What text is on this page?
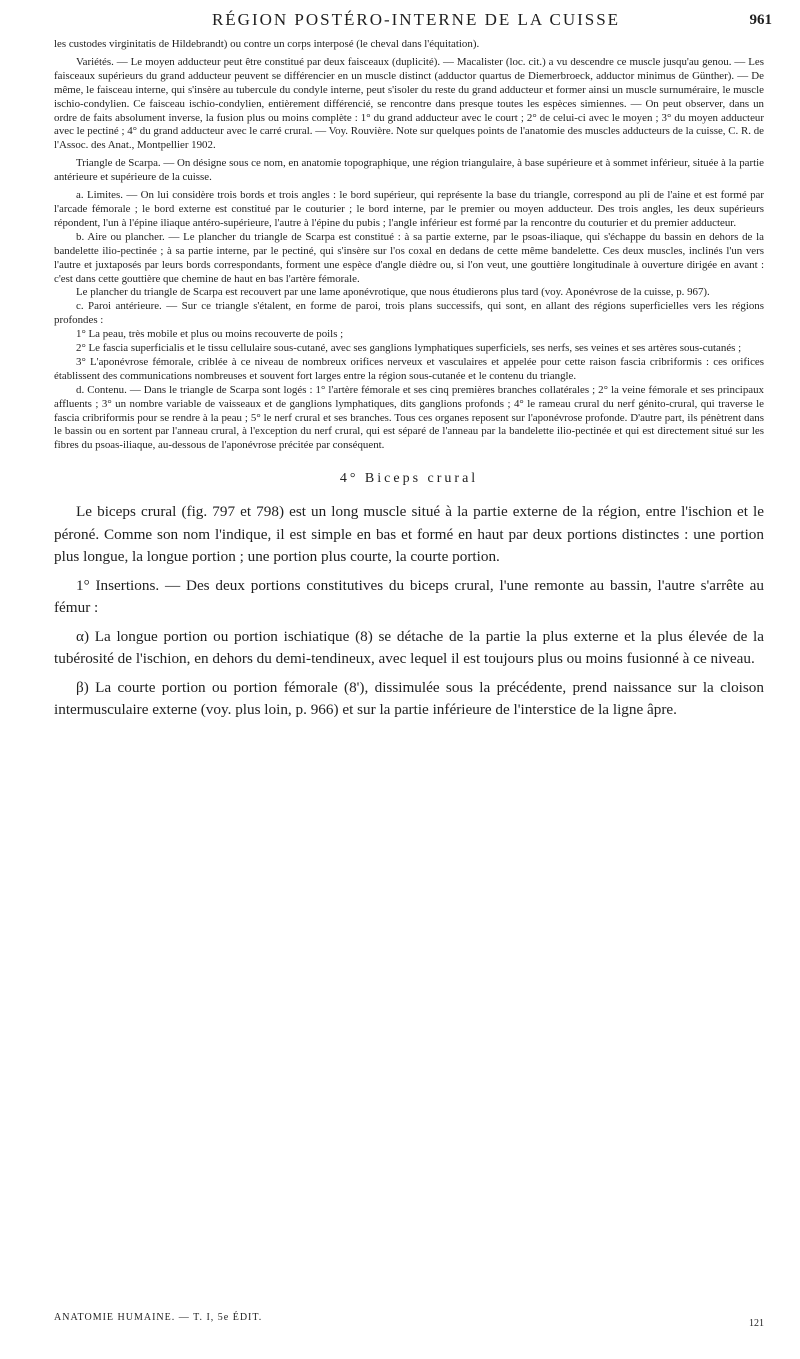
RÉGION POSTÉRO-INTERNE DE LA CUISSE	961

les custodes virginitatis de Hildebrandt) ou contre un corps interposé (le cheval dans l'équitation).

Variétés. — Le moyen adducteur peut être constitué par deux faisceaux (duplicité). — Macalister (loc. cit.) a vu descendre ce muscle jusqu'au genou. — Les faisceaux supérieurs du grand adducteur peuvent se différencier en un muscle distinct (adductor quartus de Diemerbroeck, adductor minimus de Günther). — De même, le faisceau interne, qui s'insère au tubercule du condyle interne, peut s'isoler du reste du grand adducteur et former ainsi un muscle surnuméraire, le muscle ischio-condylien. Ce faisceau ischio-condylien, entièrement différencié, se rencontre dans presque toutes les espèces simiennes. — On peut observer, dans un ordre de faits absolument inverse, la fusion plus ou moins complète : 1° du grand adducteur avec le court ; 2° de celui-ci avec le moyen ; 3° du moyen adducteur avec le pectiné ; 4° du grand adducteur avec le carré crural. — Voy. Rouvière. Note sur quelques points de l'anatomie des muscles adducteurs de la cuisse, C. R. de l'Assoc. des Anat., Montpellier 1902.

Triangle de Scarpa. — On désigne sous ce nom, en anatomie topographique, une région triangulaire, à base supérieure et à sommet inférieur, située à la partie antérieure et supérieure de la cuisse.

a. Limites. — On lui considère trois bords et trois angles : le bord supérieur, qui représente la base du triangle, correspond au pli de l'aine et est formé par l'arcade fémorale ; le bord externe est constitué par le couturier ; le bord interne, par le premier ou moyen adducteur. Des trois angles, les deux supérieurs répondent, l'un à l'épine iliaque antéro-supérieure, l'autre à l'épine du pubis ; l'angle inférieur est formé par la rencontre du couturier et du premier adducteur.

b. Aire ou plancher. — Le plancher du triangle de Scarpa est constitué : à sa partie externe, par le psoas-iliaque, qui s'échappe du bassin en dehors de la bandelette ilio-pectinée ; à sa partie interne, par le pectiné, qui s'insère sur l'os coxal en dedans de cette même bandelette. Ces deux muscles, inclinés l'un vers l'autre et juxtaposés par leurs bords correspondants, forment une espèce d'angle dièdre ou, si l'on veut, une gouttière longitudinale à ouverture dirigée en avant : c'est dans cette gouttière que chemine de haut en bas l'artère fémorale.

Le plancher du triangle de Scarpa est recouvert par une lame aponévrotique, que nous étudierons plus tard (voy. Aponévrose de la cuisse, p. 967).

c. Paroi antérieure. — Sur ce triangle s'étalent, en forme de paroi, trois plans successifs, qui sont, en allant des régions superficielles vers les régions profondes :

1° La peau, très mobile et plus ou moins recouverte de poils ;

2° Le fascia superficialis et le tissu cellulaire sous-cutané, avec ses ganglions lymphatiques superficiels, ses nerfs, ses veines et ses artères sous-cutanés ;

3° L'aponévrose fémorale, criblée à ce niveau de nombreux orifices nerveux et vasculaires et appelée pour cette raison fascia cribriformis : ces orifices établissent des communications nombreuses et souvent fort larges entre la région sous-cutanée et le contenu du triangle.

d. Contenu. — Dans le triangle de Scarpa sont logés : 1° l'artère fémorale et ses cinq premières branches collatérales ; 2° la veine fémorale et ses principaux affluents ; 3° un nombre variable de vaisseaux et de ganglions lymphatiques, dits ganglions profonds ; 4° le rameau crural du nerf génito-crural, qui traverse le fascia cribriformis pour se rendre à la peau ; 5° le nerf crural et ses branches. Tous ces organes reposent sur l'aponévrose profonde. D'autre part, ils pénètrent dans le bassin ou en sortent par l'anneau crural, à l'exception du nerf crural, qui est séparé de l'anneau par la bandelette ilio-pectinée et qui est directement situé sur les fibres du psoas-iliaque, au-dessous de l'aponévrose précitée par conséquent.

4° Biceps crural

Le biceps crural (fig. 797 et 798) est un long muscle situé à la partie externe de la région, entre l'ischion et le péroné. Comme son nom l'indique, il est simple en bas et formé en haut par deux portions distinctes : une portion plus longue, la longue portion ; une portion plus courte, la courte portion.

1° Insertions. — Des deux portions constitutives du biceps crural, l'une remonte au bassin, l'autre s'arrête au fémur :

α) La longue portion ou portion ischiatique (8) se détache de la partie la plus externe et la plus élevée de la tubérosité de l'ischion, en dehors du demi-tendineux, avec lequel il est toujours plus ou moins fusionné à ce niveau.

β) La courte portion ou portion fémorale (8'), dissimulée sous la précédente, prend naissance sur la cloison intermusculaire externe (voy. plus loin, p. 966) et sur la partie inférieure de l'interstice de la ligne âpre.

ANATOMIE HUMAINE. — T. I, 5e ÉDIT.
121
